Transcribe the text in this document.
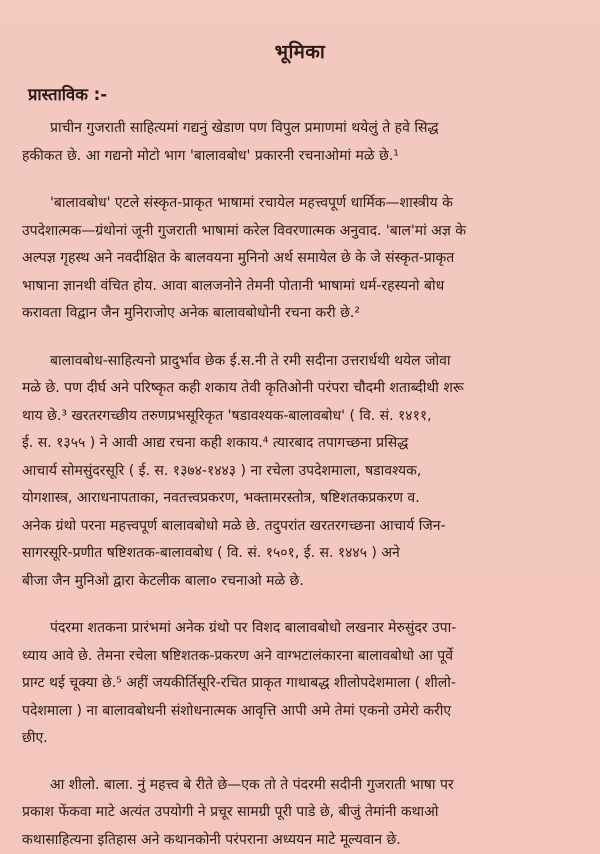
भूमिका
प्रास्ताविक :-
प्राचीन गुजराती साहित्यमां गद्यनुं खेडाण पण विपुल प्रमाणमां थयेलुं ते हवे सिद्ध
हकीकत छे. आ गद्यनो मोटो भाग 'बालावबोध' प्रकारनी रचनाओमां मळे छे.¹
'बालावबोध' एटले संस्कृत-प्राकृत भाषामां रचायेल महत्त्वपूर्ण धार्मिक—शास्त्रीय के
उपदेशात्मक—ग्रंथोनां जूनी गुजराती भाषामां करेल विवरणात्मक अनुवाद. 'बाल'मां अज्ञ के
अल्पज्ञ गृहस्थ अने नवदीक्षित के बालवयना मुनिनो अर्थ समायेल छे के जे संस्कृत-प्राकृत
भाषाना ज्ञानथी वंचित होय. आवा बालजनोने तेमनी पोतानी भाषामां धर्म-रहस्यनो बोध
करावता विद्वान जैन मुनिराजोए अनेक बालावबोधोनी रचना करी छे.²
बालावबोध-साहित्यनो प्रादुर्भाव छेक ई.स.नी ते रमी सदीना उत्तरार्धथी थयेल जोवा
मळे छे. पण दीर्घ अने परिष्कृत कही शकाय तेवी कृतिओनी परंपरा चौदमी शताब्दीथी शरू
थाय छे.³ खरतरगच्छीय तरुणप्रभसूरिकृत 'षडावश्यक-बालावबोध' ( वि. सं. १४११,
ई. स. १३५५ ) ने आवी आद्य रचना कही शकाय.⁴ त्यारबाद तपागच्छना प्रसिद्ध
आचार्य सोमसुंदरसूरि ( ई. स. १३७४-१४४३ ) ना रचेला उपदेशमाला, षडावश्यक,
योगशास्त्र, आराधनापताका, नवतत्त्वप्रकरण, भक्तामरस्तोत्र, षष्टिशतकप्रकरण व.
अनेक ग्रंथो परना महत्त्वपूर्ण बालावबोधो मळे छे. तदुपरांत खरतरगच्छना आचार्य जिन-
सागरसूरि-प्रणीत षष्टिशतक-बालावबोध ( वि. सं. १५०१, ई. स. १४४५ ) अने
बीजा जैन मुनिओ द्वारा केटलीक बाला० रचनाओ मळे छे.
पंदरमा शतकना प्रारंभमां अनेक ग्रंथो पर विशद बालावबोधो लखनार मेरुसुंदर उपा-
ध्याय आवे छे. तेमना रचेला षष्टिशतक-प्रकरण अने वाग्भटालंकारना बालावबोधो आ पूर्वे
प्राग्ट थई चूक्या छे.⁵ अहीं जयकीर्तिसूरि-रचित प्राकृत गाथाबद्ध शीलोपदेशमाला ( शीलो-
पदेशमाला ) ना बालावबोधनी संशोधनात्मक आवृत्ति आपी अमे तेमां एकनो उमेरो करीए
छीए.
आ शीलो. बाला. नुं महत्त्व बे रीते छे—एक तो ते पंदरमी सदीनी गुजराती भाषा पर
प्रकाश फेंकवा माटे अत्यंत उपयोगी ने प्रचूर सामग्री पूरी पाडे छे, बीजुं तेमांनी कथाओ
कथासाहित्यना इतिहास अने कथानकोनी परंपराना अध्ययन माटे मूल्यवान छे.
